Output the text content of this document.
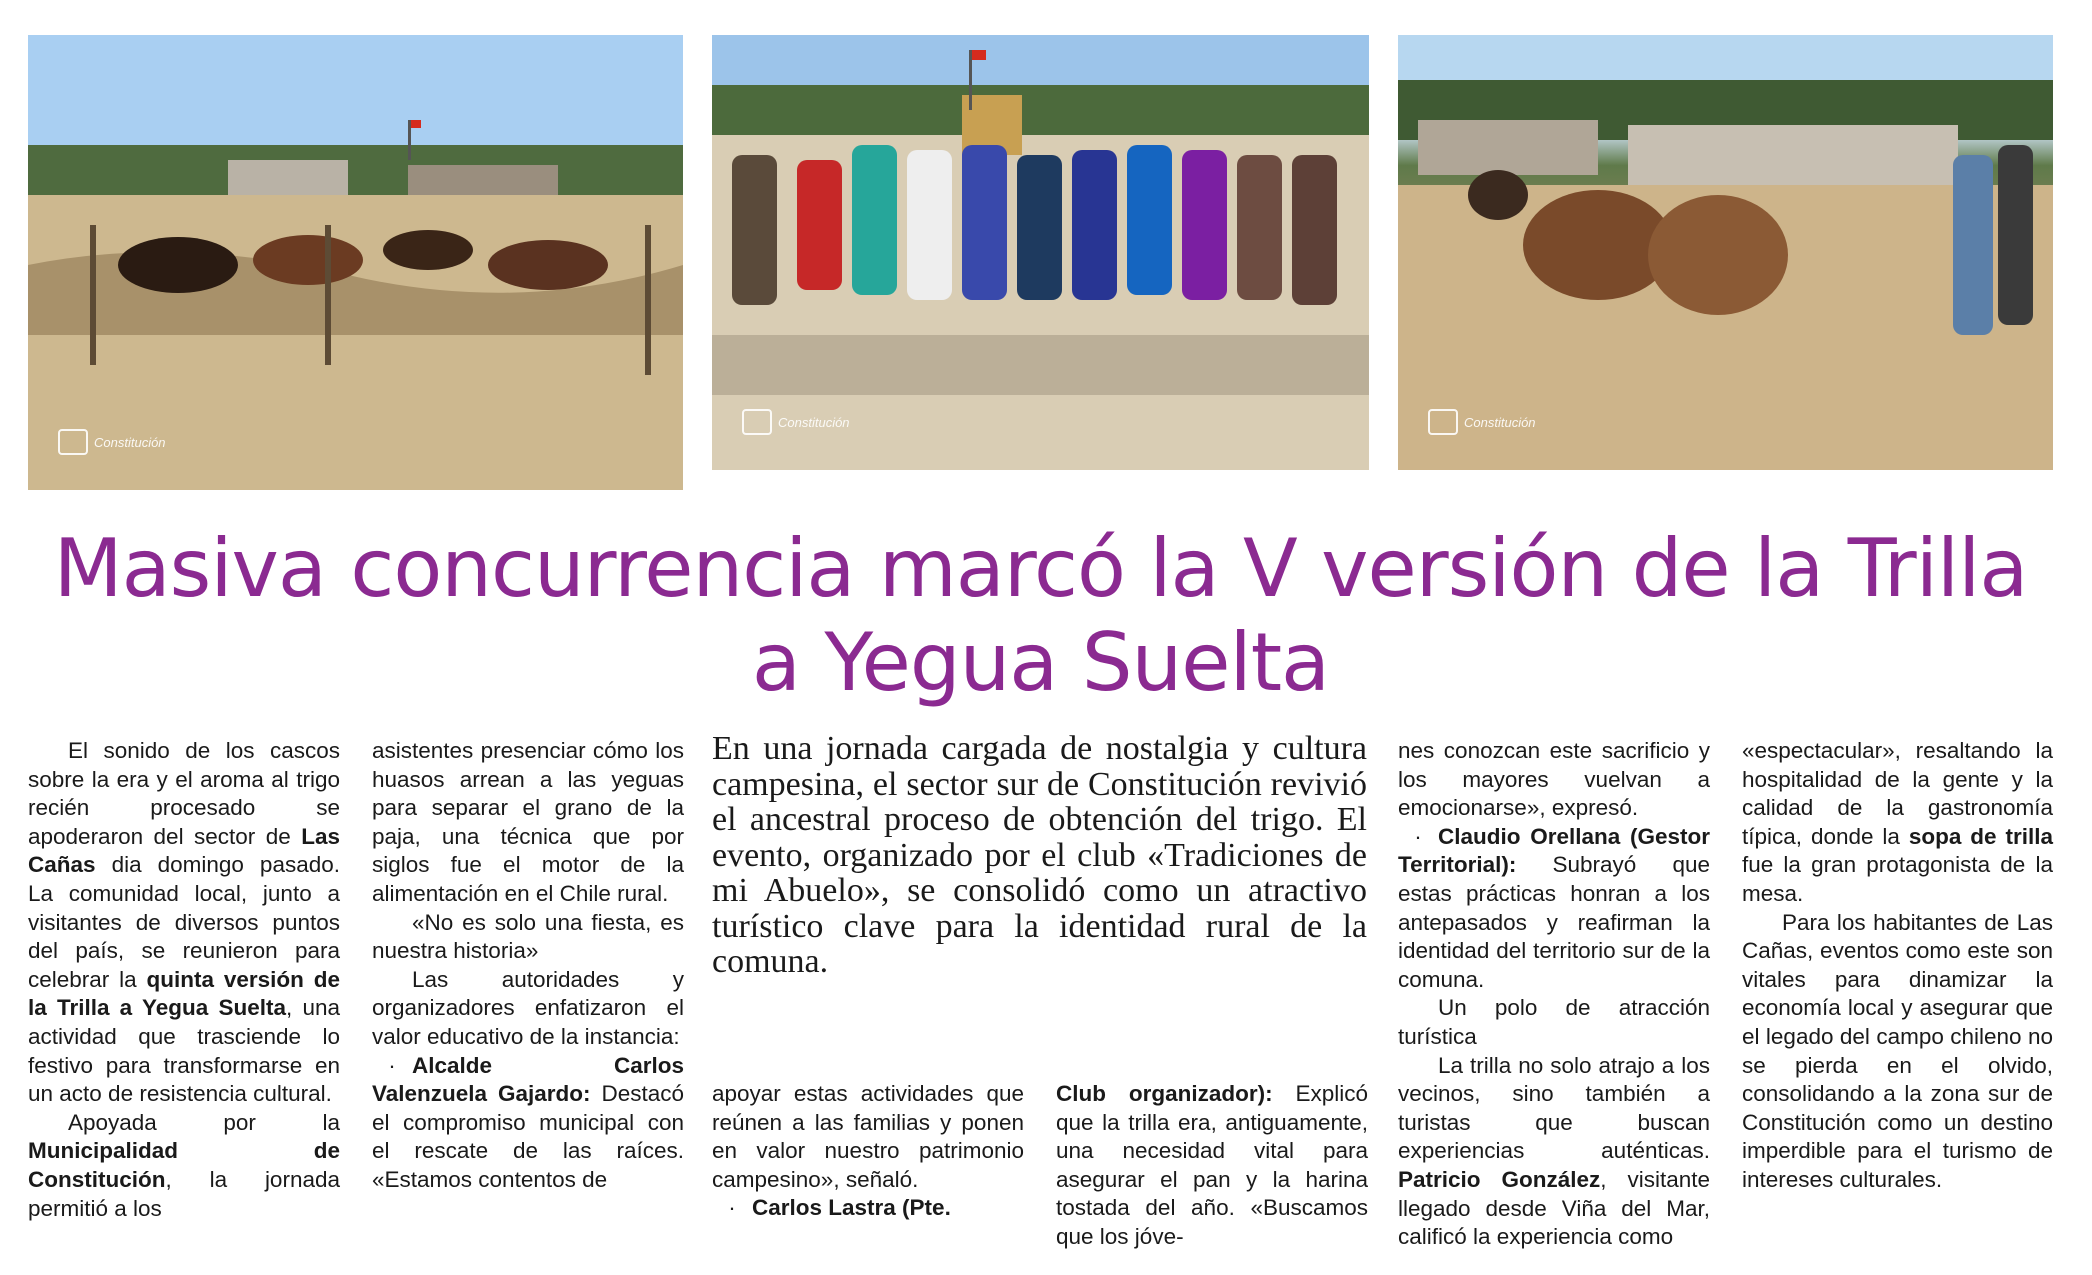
Constitución
Constitución	Constitución
Masiva concurrencia marcó la V versión de la Trilla a Yegua Suelta

El sonido de los cascos sobre la era y el aroma al trigo recién procesado se apoderaron del sector de Las Cañas dia domingo pasado. La comunidad local, junto a visitantes de diversos puntos del país, se reunieron para celebrar la quinta versión de la Trilla a Yegua Suelta, una actividad que trasciende lo festivo para transformarse en un acto de resistencia cultural.

Apoyada por la Municipalidad de Constitución, la jornada permitió a los

asistentes presenciar cómo los huasos arrean a las yeguas para separar el grano de la paja, una técnica que por siglos fue el motor de la alimentación en el Chile rural.

«No es solo una fiesta, es nuestra historia»

Las autoridades y organizadores enfatizaron el valor educativo de la instancia:

· Alcalde Carlos Valenzuela Gajardo: Destacó el compromiso municipal con el rescate de las raíces. «Estamos contentos de

En una jornada cargada de nostalgia y cultura campesina, el sector sur de Constitución revivió el ancestral proceso de obtención del trigo. El evento, organizado por el club «Tradiciones de mi Abuelo», se consolidó como un atractivo turístico clave para la identidad rural de la comuna.

apoyar estas actividades que reúnen a las familias y ponen en valor nuestro patrimonio campesino», señaló.

· Carlos Lastra (Pte.

Club organizador): Explicó que la trilla era, antiguamente, una necesidad vital para asegurar el pan y la harina tostada del año. «Buscamos que los jóve-

nes conozcan este sacrificio y los mayores vuelvan a emocionarse», expresó.

· Claudio Orellana (Gestor Territorial): Subrayó que estas prácticas honran a los antepasados y reafirman la identidad del territorio sur de la comuna.

Un polo de atracción turística

La trilla no solo atrajo a los vecinos, sino también a turistas que buscan experiencias auténticas. Patricio González, visitante llegado desde Viña del Mar, calificó la experiencia como

«espectacular», resaltando la hospitalidad de la gente y la calidad de la gastronomía típica, donde la sopa de trilla fue la gran protagonista de la mesa.

Para los habitantes de Las Cañas, eventos como este son vitales para dinamizar la economía local y asegurar que el legado del campo chileno no se pierda en el olvido, consolidando a la zona sur de Constitución como un destino imperdible para el turismo de intereses culturales.
